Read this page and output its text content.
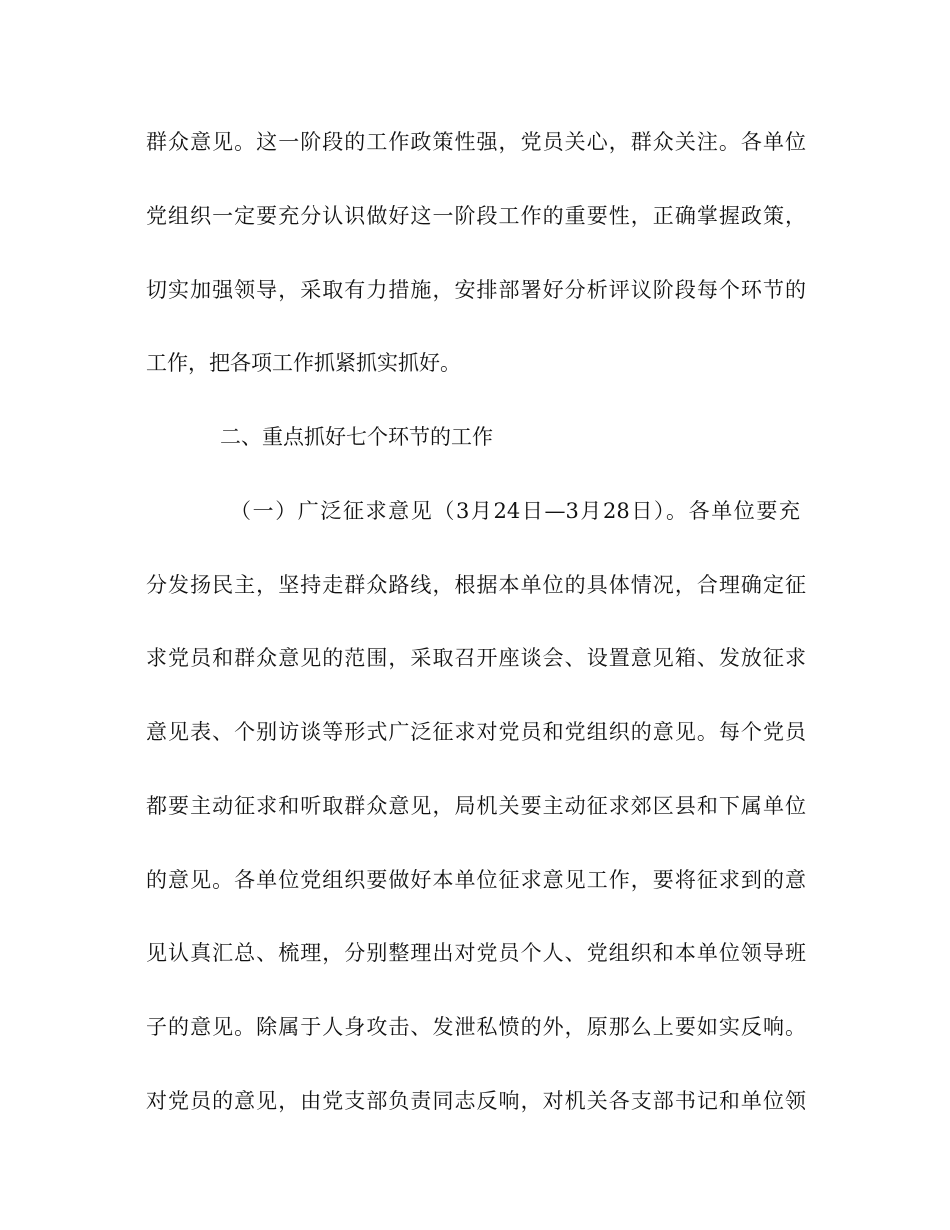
群众意见。这一阶段的工作政策性强，党员关心，群众关注。各单位

党组织一定要充分认识做好这一阶段工作的重要性，正确掌握政策，

切实加强领导，采取有力措施，安排部署好分析评议阶段每个环节的

工作，把各项工作抓紧抓实抓好。

二、重点抓好七个环节的工作

（一）广泛征求意见（3月24日—3月28日）。各单位要充

分发扬民主，坚持走群众路线，根据本单位的具体情况，合理确定征

求党员和群众意见的范围，采取召开座谈会、设置意见箱、发放征求

意见表、个别访谈等形式广泛征求对党员和党组织的意见。每个党员

都要主动征求和听取群众意见，局机关要主动征求郊区县和下属单位

的意见。各单位党组织要做好本单位征求意见工作，要将征求到的意

见认真汇总、梳理，分别整理出对党员个人、党组织和本单位领导班

子的意见。除属于人身攻击、发泄私愤的外，原那么上要如实反响。

对党员的意见，由党支部负责同志反响，对机关各支部书记和单位领
